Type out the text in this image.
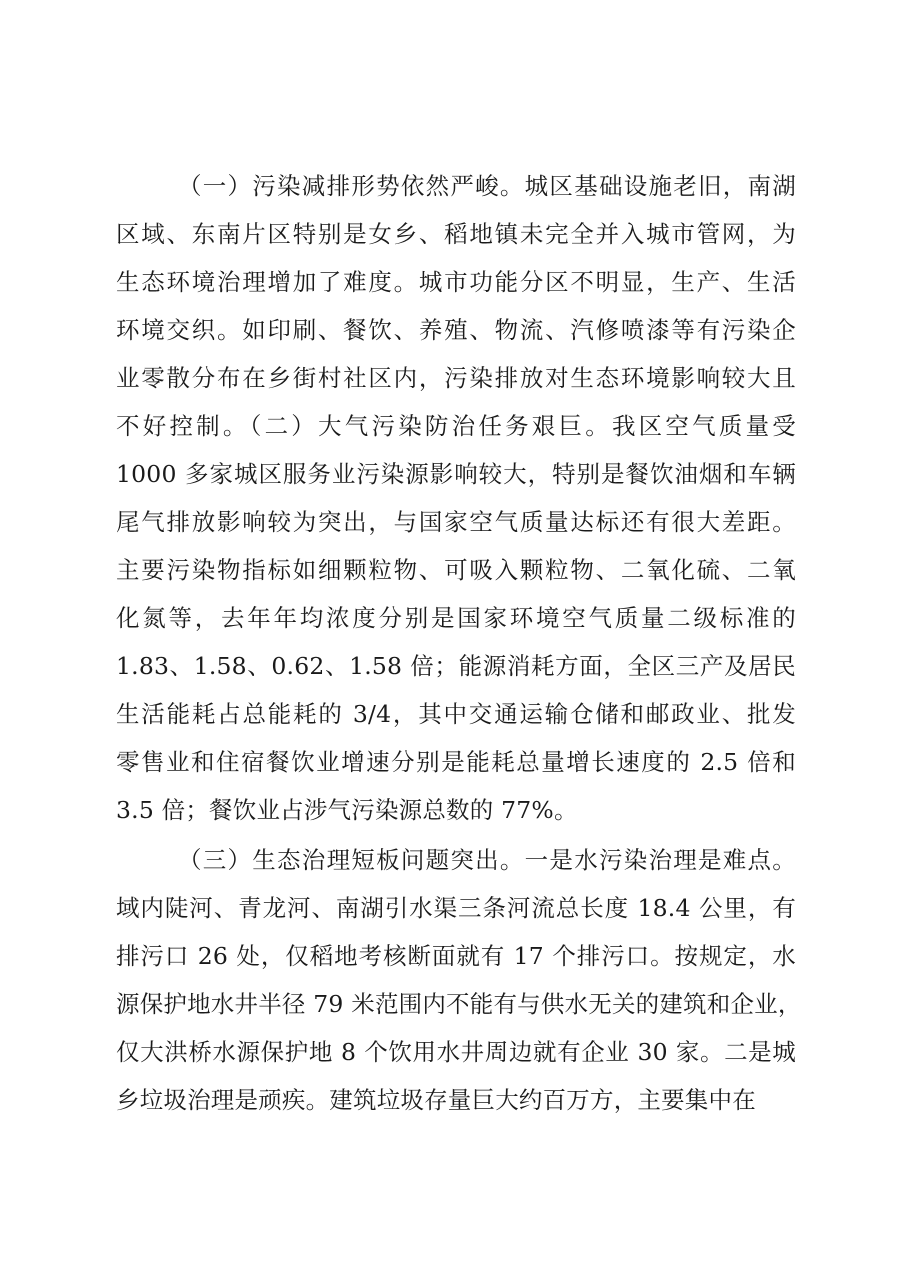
（一）污染减排形势依然严峻。城区基础设施老旧，南湖
区域、东南片区特别是女乡、稻地镇未完全并入城市管网，为
生态环境治理增加了难度。城市功能分区不明显，生产、生活
环境交织。如印刷、餐饮、养殖、物流、汽修喷漆等有污染企
业零散分布在乡街村社区内，污染排放对生态环境影响较大且
不好控制。（二）大气污染防治任务艰巨。我区空气质量受
1000 多家城区服务业污染源影响较大，特别是餐饮油烟和车辆
尾气排放影响较为突出，与国家空气质量达标还有很大差距。
主要污染物指标如细颗粒物、可吸入颗粒物、二氧化硫、二氧
化氮等，去年年均浓度分别是国家环境空气质量二级标准的
1.83、1.58、0.62、1.58 倍；能源消耗方面，全区三产及居民
生活能耗占总能耗的 3/4，其中交通运输仓储和邮政业、批发
零售业和住宿餐饮业增速分别是能耗总量增长速度的 2.5 倍和
3.5 倍；餐饮业占涉气污染源总数的 77%。
（三）生态治理短板问题突出。一是水污染治理是难点。
域内陡河、青龙河、南湖引水渠三条河流总长度 18.4 公里，有
排污口 26 处，仅稻地考核断面就有 17 个排污口。按规定，水
源保护地水井半径 79 米范围内不能有与供水无关的建筑和企业，
仅大洪桥水源保护地 8 个饮用水井周边就有企业 30 家。二是城
乡垃圾治理是顽疾。建筑垃圾存量巨大约百万方，主要集中在
